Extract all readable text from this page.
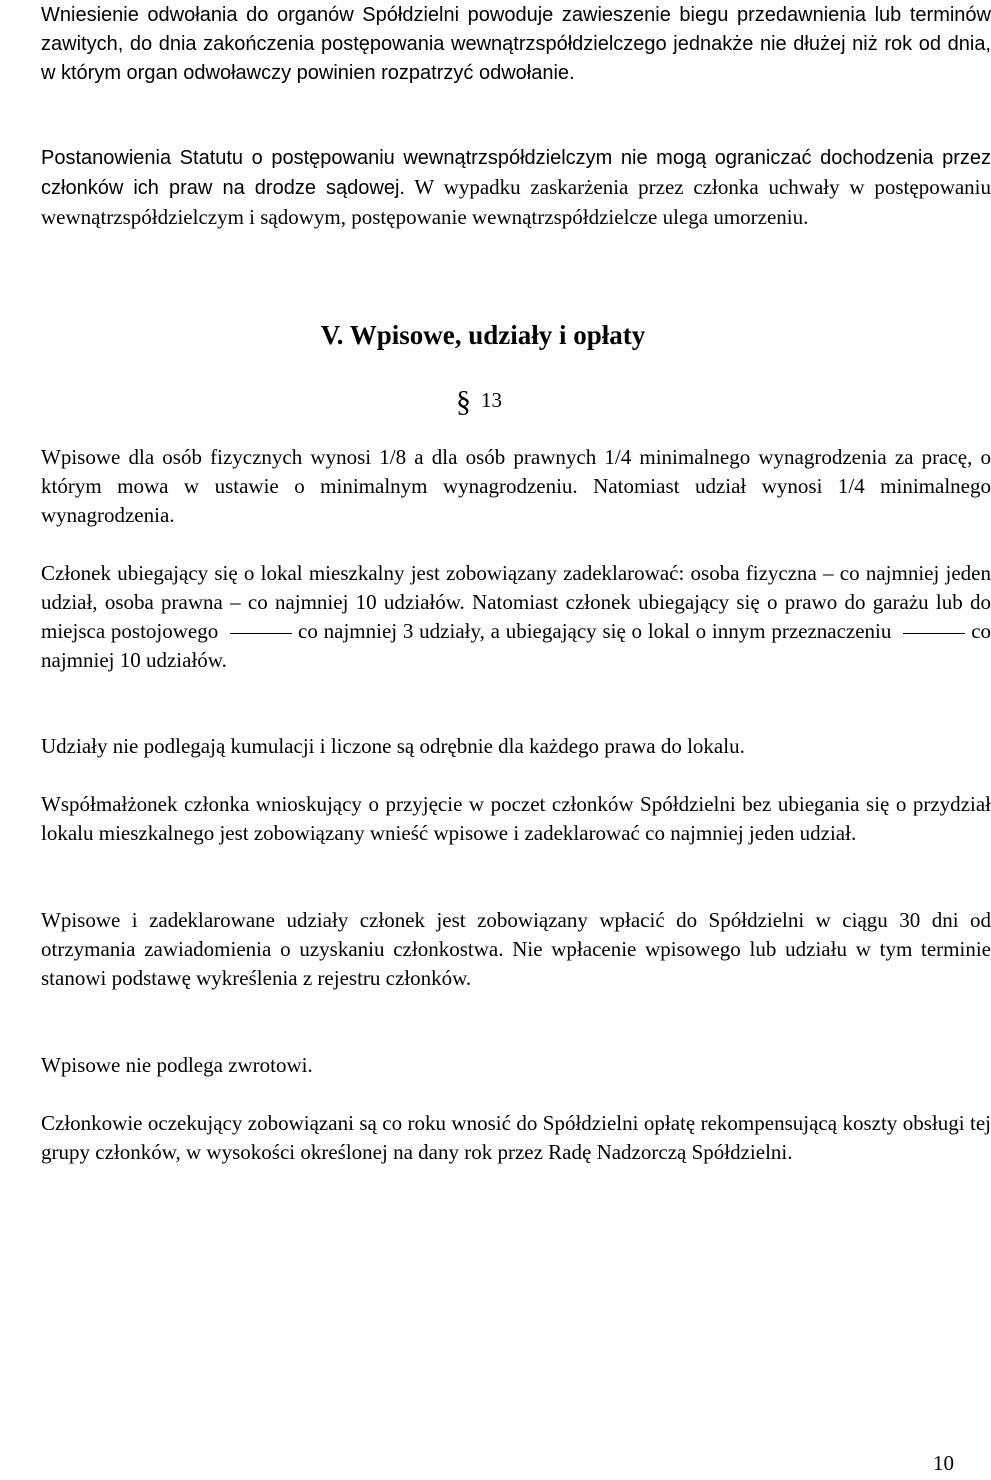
Wniesienie odwołania do organów Spółdzielni powoduje zawieszenie biegu przedawnienia lub terminów zawitych, do dnia zakończenia postępowania wewnątrzspółdzielczego jednakże nie dłużej niż rok od dnia, w którym organ odwoławczy powinien rozpatrzyć odwołanie.

Postanowienia Statutu o postępowaniu wewnątrzspółdzielczym nie mogą ograniczać dochodzenia przez członków ich praw na drodze sądowej. W wypadku zaskarżenia przez członka uchwały w postępowaniu wewnątrzspółdzielczym i sądowym, postępowanie wewnątrzspółdzielcze ulega umorzeniu.

V. Wpisowe, udziały i opłaty
§ 13

Wpisowe dla osób fizycznych wynosi 1/8 a dla osób prawnych 1/4 minimalnego wynagrodzenia za pracę, o którym mowa w ustawie o minimalnym wynagrodzeniu. Natomiast udział wynosi 1/4 minimalnego wynagrodzenia.

Członek ubiegający się o lokal mieszkalny jest zobowiązany zadeklarować: osoba fizyczna – co najmniej jeden udział, osoba prawna – co najmniej 10 udziałów. Natomiast członek ubiegający się o prawo do garażu lub do miejsca postojowego	co najmniej 3 udziały, a ubiegający się o lokal o innym przeznaczeniu	co najmniej 10 udziałów.

Udziały nie podlegają kumulacji i liczone są odrębnie dla każdego prawa do lokalu.

Współmałżonek członka wnioskujący o przyjęcie w poczet członków Spółdzielni bez ubiegania się o przydział lokalu mieszkalnego jest zobowiązany wnieść wpisowe i zadeklarować co najmniej jeden udział.

Wpisowe i zadeklarowane udziały członek jest zobowiązany wpłacić do Spółdzielni w ciągu 30 dni od otrzymania zawiadomienia o uzyskaniu członkostwa. Nie wpłacenie wpisowego lub udziału w tym terminie stanowi podstawę wykreślenia z rejestru członków.

Wpisowe nie podlega zwrotowi.

Członkowie oczekujący zobowiązani są co roku wnosić do Spółdzielni opłatę rekompensującą koszty obsługi tej grupy członków, w wysokości określonej na dany rok przez Radę Nadzorczą Spółdzielni.

10
